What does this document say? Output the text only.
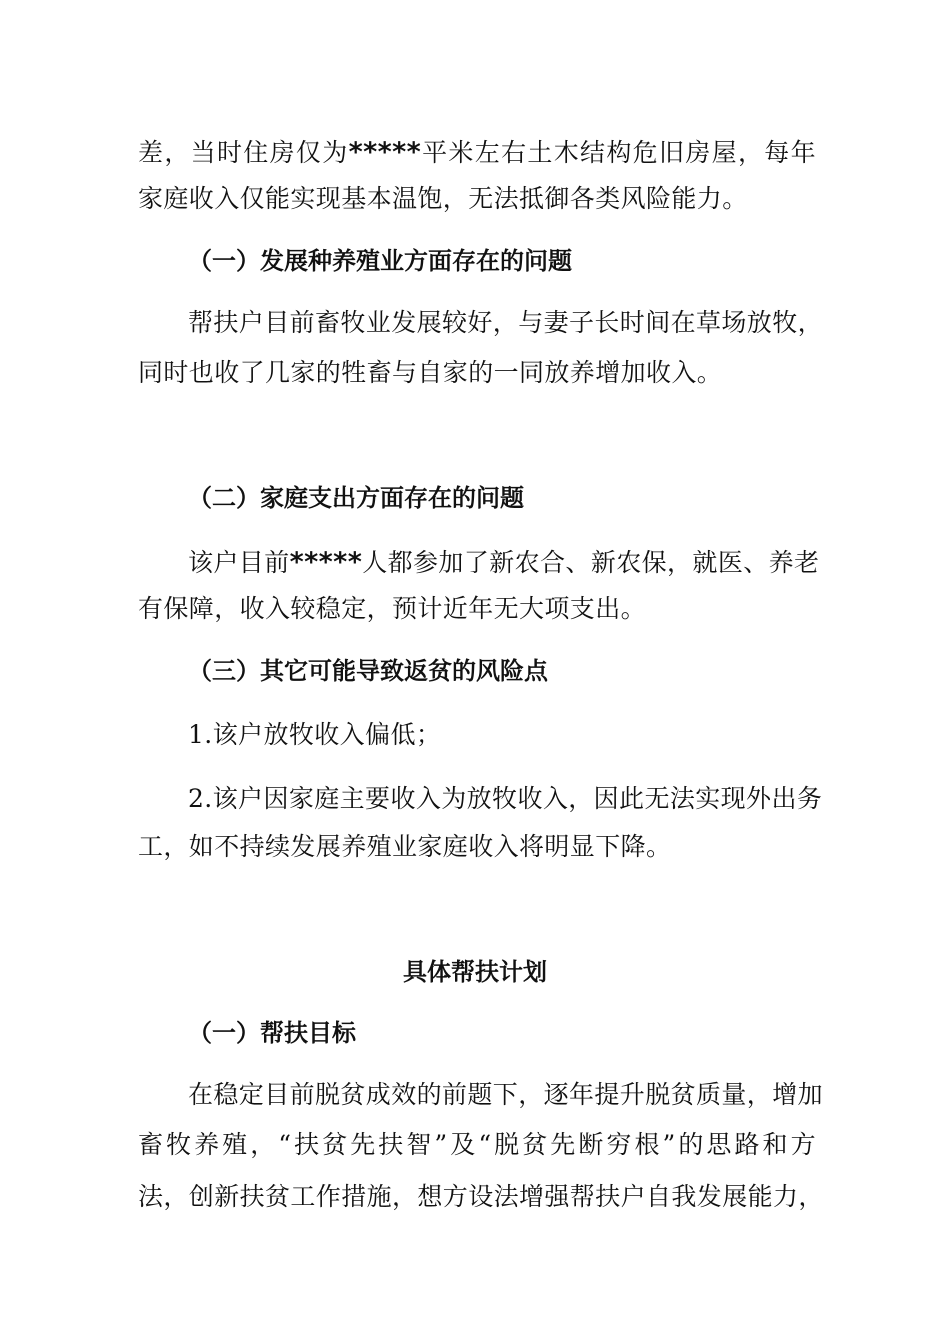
差，当时住房仅为*****平米左右土木结构危旧房屋，每年
家庭收入仅能实现基本温饱，无法抵御各类风险能力。
（一）发展种养殖业方面存在的问题
帮扶户目前畜牧业发展较好，与妻子长时间在草场放牧，
同时也收了几家的牲畜与自家的一同放养增加收入。
（二）家庭支出方面存在的问题
该户目前*****人都参加了新农合、新农保，就医、养老
有保障，收入较稳定，预计近年无大项支出。
（三）其它可能导致返贫的风险点
1.该户放牧收入偏低；
2.该户因家庭主要收入为放牧收入，因此无法实现外出务
工，如不持续发展养殖业家庭收入将明显下降。
具体帮扶计划
（一）帮扶目标
在稳定目前脱贫成效的前题下，逐年提升脱贫质量，增加
畜牧养殖，“扶贫先扶智”及“脱贫先断穷根”的思路和方
法，创新扶贫工作措施，想方设法增强帮扶户自我发展能力，
